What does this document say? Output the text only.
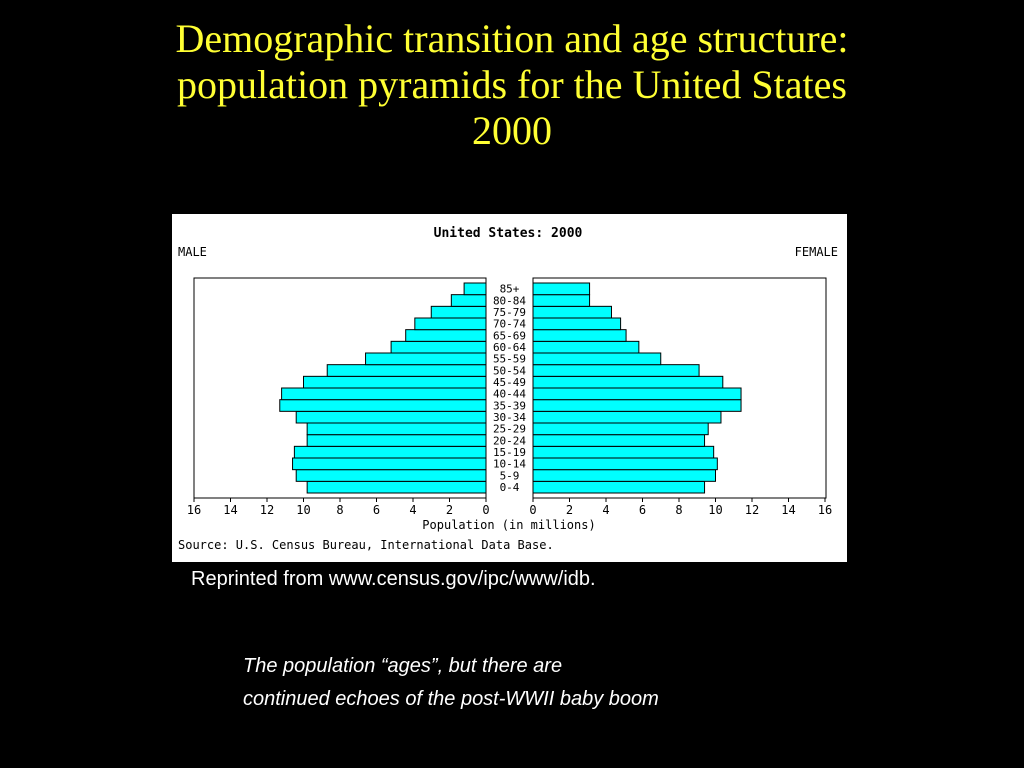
Demographic transition and age structure:
population pyramids for the United States
2000
United States: 2000
MALE	FEMALE
0-4
5-9
10-14
15-19
20-24
25-29
30-34
35-39
40-44
45-49
50-54
55-59
60-64
65-69
70-74
75-79
80-84
85+
0
2
4
6
8
10
12
14
16	0 2 4 6 8 10 12 14 16
Population (in millions)
Source: U.S. Census Bureau, International Data Base.

Reprinted from www.census.gov/ipc/www/idb.

The population “ages”, but there are
continued echoes of the post-WWII baby boom
